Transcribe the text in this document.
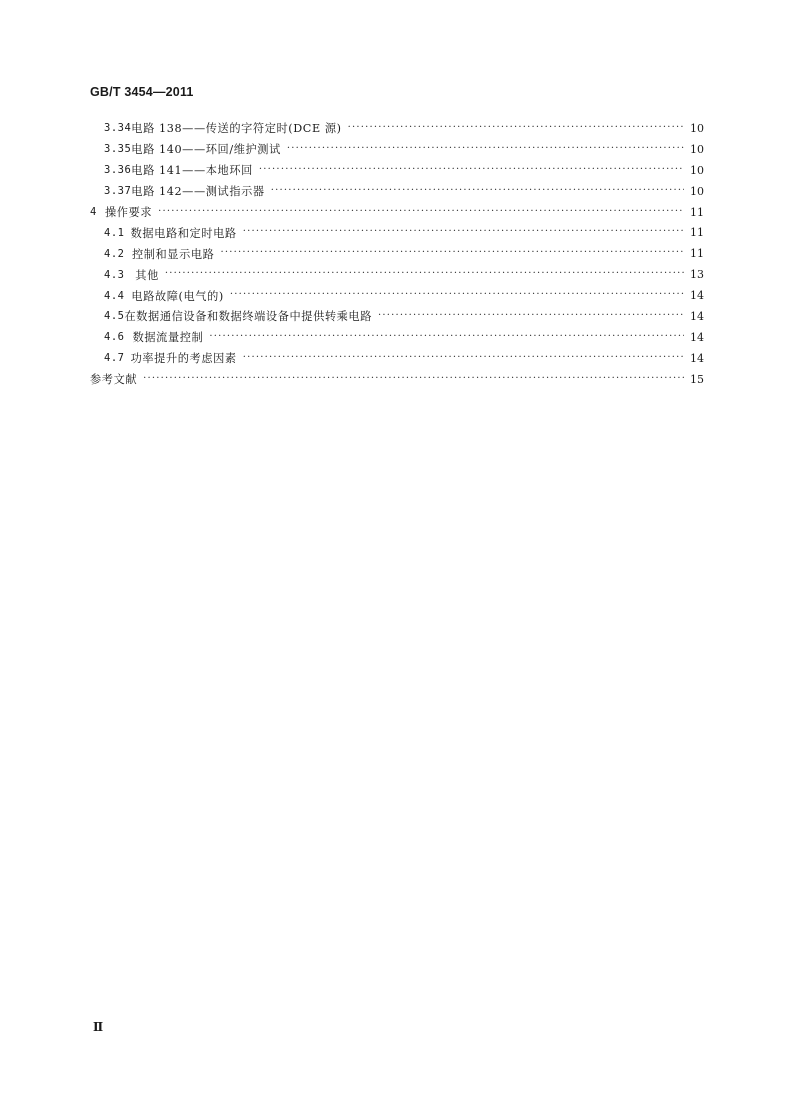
GB/T 3454—2011
3.34 电路 138——传送的字符定时(DCE 源) ·····	10
3.35 电路 140——环回/维护测试 ·····	10
3.36 电路 141——本地环回 ·····	10
3.37 电路 142——测试指示器 ·····	10
4 操作要求 ·····	11
4.1 数据电路和定时电路 ·····	11
4.2 控制和显示电路 ·····	11
4.3 其他 ·····	13
4.4 电路故障(电气的) ·····	14
4.5 在数据通信设备和数据终端设备中提供转乘电路 ·····	14
4.6 数据流量控制 ·····	14
4.7 功率提升的考虑因素 ·····	14
参考文献 ·····	15
Ⅱ
